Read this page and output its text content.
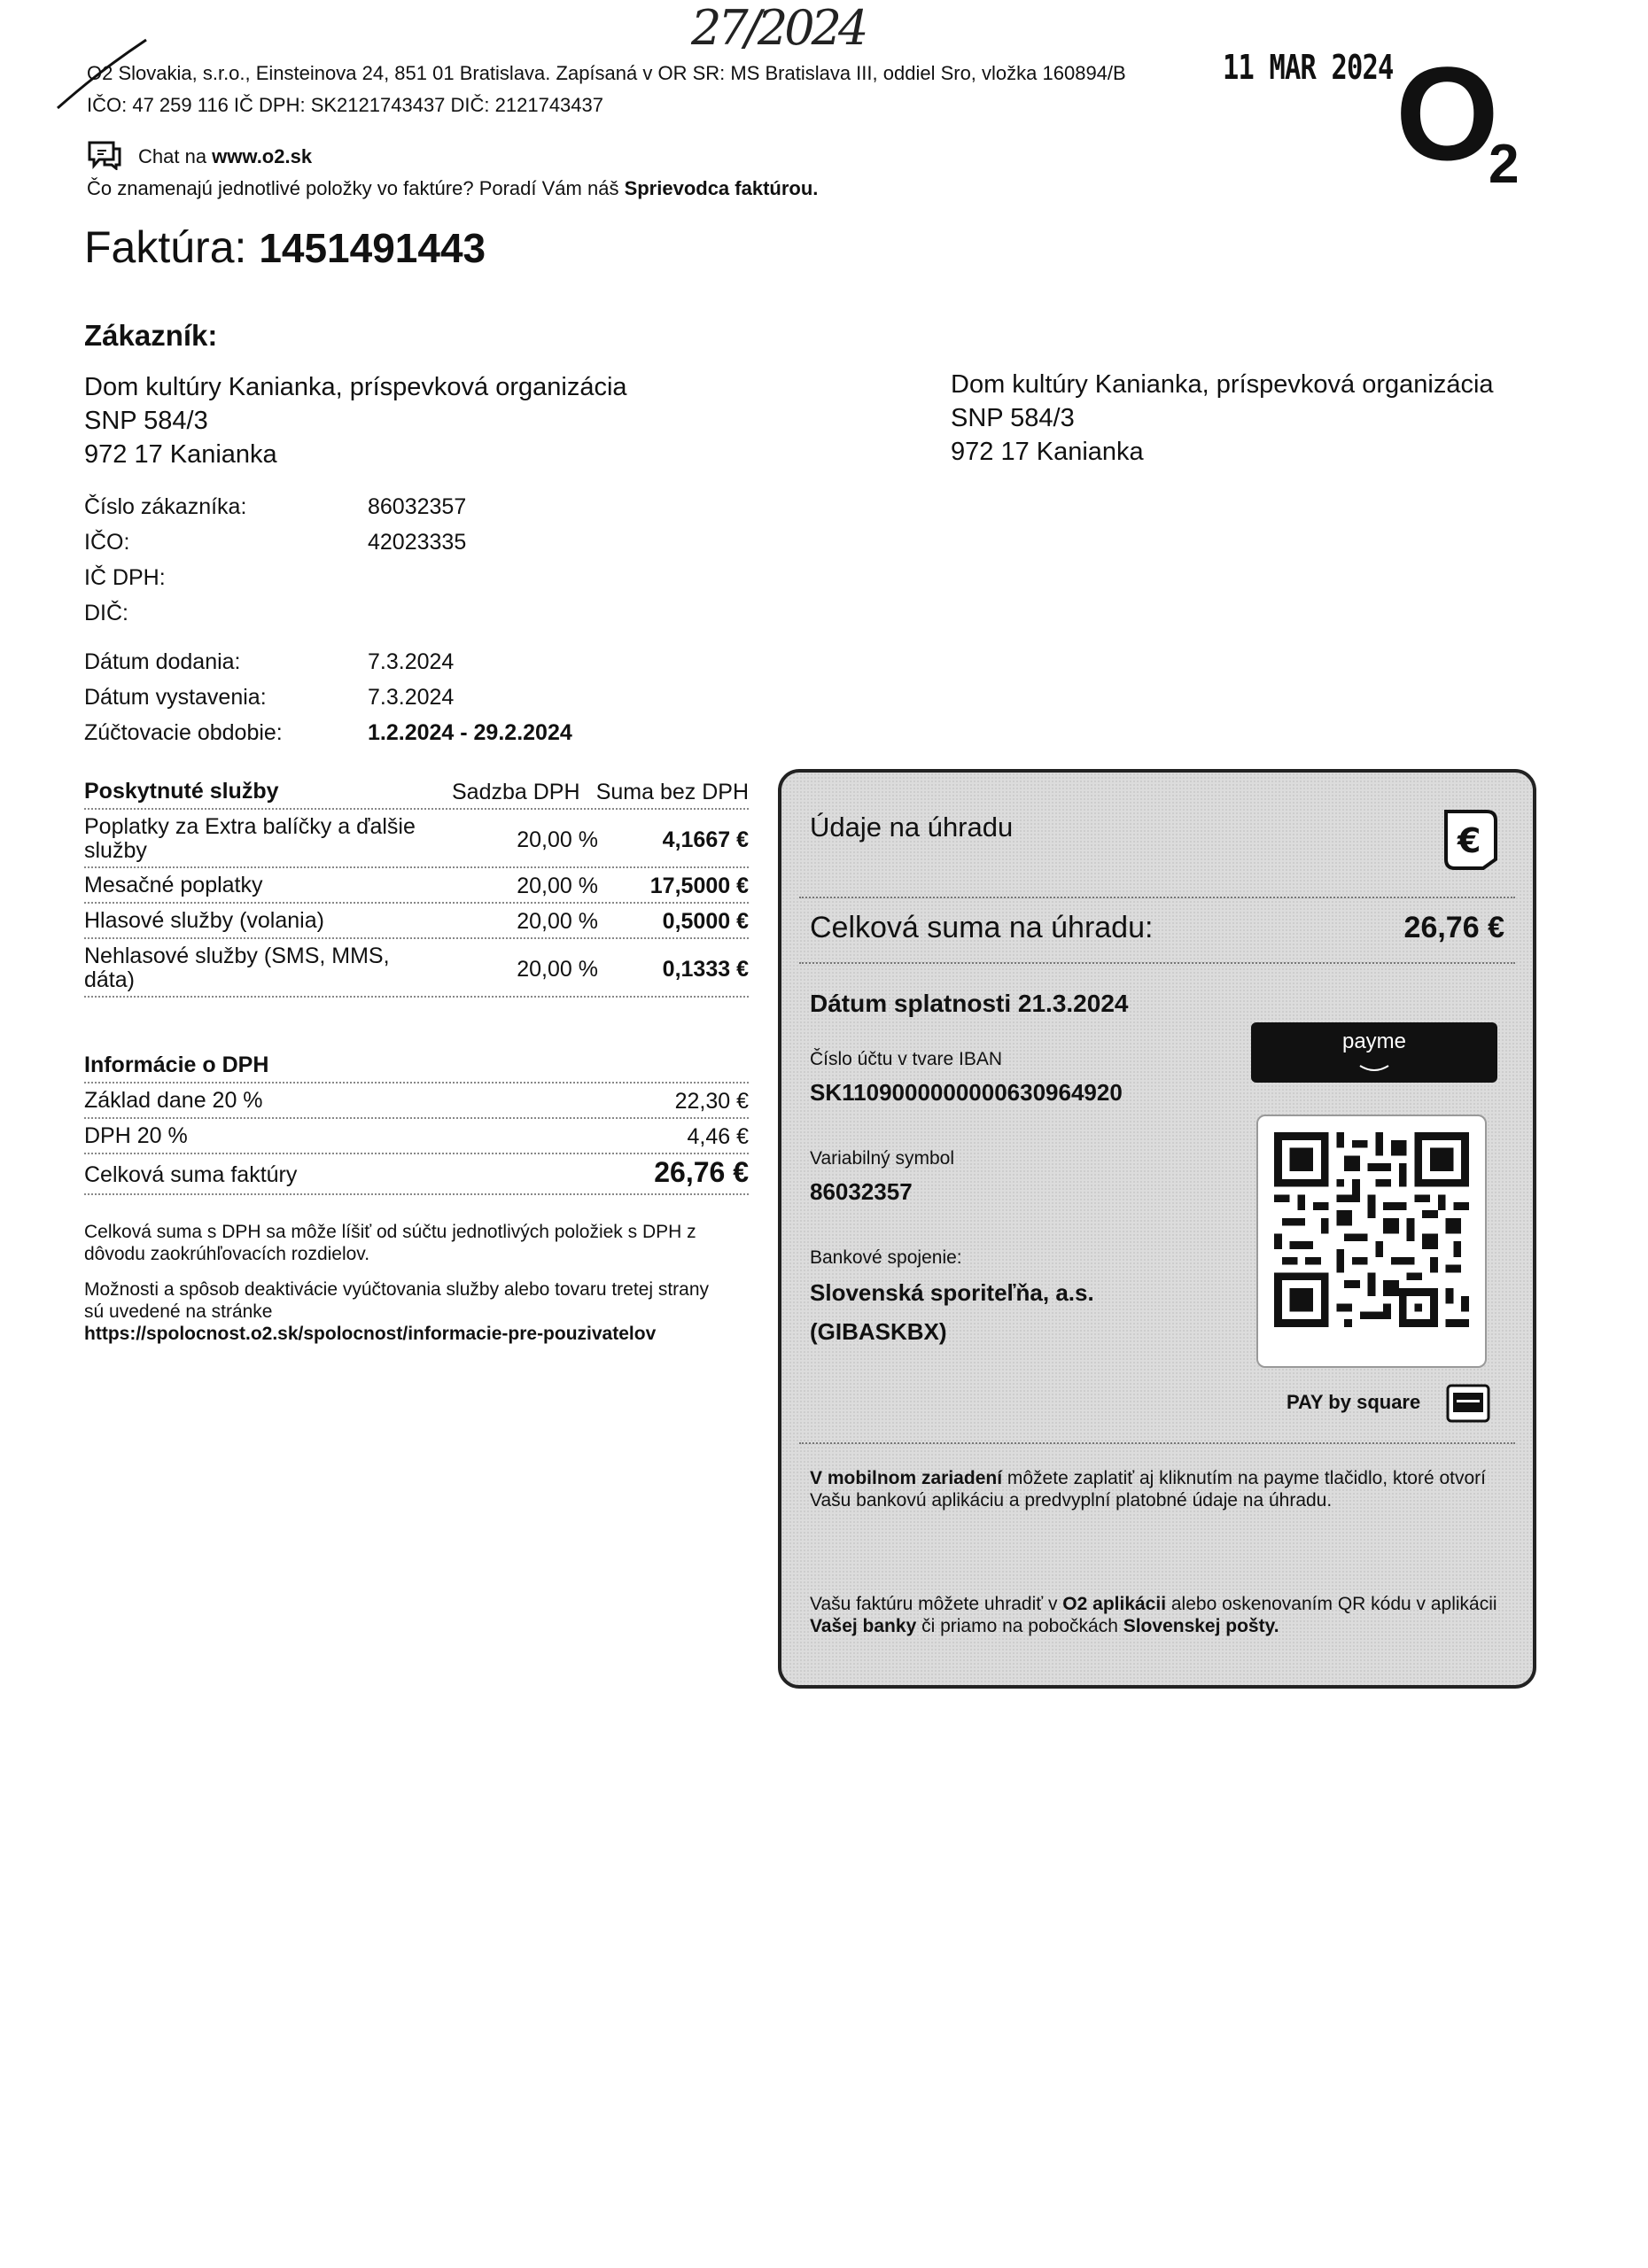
27/2024
11 MAR 2024
O2 Slovakia, s.r.o., Einsteinova 24, 851 01 Bratislava. Zapísaná v OR SR: MS Bratislava III, oddiel Sro, vložka 160894/B
IČO: 47 259 116 IČ DPH: SK2121743437 DIČ: 2121743437
Chat na www.o2.sk
Čo znamenajú jednotlivé položky vo faktúre? Poradí Vám náš Sprievodca faktúrou.
O
2
Faktúra: 1451491443
Zákazník:
Dom kultúry Kanianka, príspevková organizácia
SNP 584/3
972 17 Kanianka
Dom kultúry Kanianka, príspevková organizácia
SNP 584/3
972 17 Kanianka
Číslo zákazníka:	86032357
IČO:	42023335
IČ DPH:
DIČ:
Dátum dodania:	7.3.2024
Dátum vystavenia:	7.3.2024
Zúčtovacie obdobie:	1.2.2024 - 29.2.2024
Poskytnuté služby	Sadzba DPH Suma bez DPH
Poplatky za Extra balíčky a ďalšie služby	20,00 %	4,1667 €
Mesačné poplatky	20,00 % 17,5000 €
Hlasové služby (volania)	20,00 %	0,5000 €
Nehlasové služby (SMS, MMS, dáta)	20,00 %	0,1333 €
Informácie o DPH
Základ dane 20 %	22,30 €
DPH 20 %	4,46 €
Celková suma faktúry	26,76 €
Celková suma s DPH sa môže líšiť od súčtu jednotlivých položiek s DPH z dôvodu zaokrúhľovacích rozdielov.
Možnosti a spôsob deaktivácie vyúčtovania služby alebo tovaru tretej strany sú uvedené na stránke
https://spolocnost.o2.sk/spolocnost/informacie-pre-pouzivatelov
Údaje na úhradu	€
Celková suma na úhradu:	26,76 €
Dátum splatnosti 21.3.2024
payme
Číslo účtu v tvare IBAN
SK1109000000000630964920
Variabilný symbol
86032357
Bankové spojenie:
Slovenská sporiteľňa, a.s.
(GIBASKBX)
PAY by square
V mobilnom zariadení môžete zaplatiť aj kliknutím na payme tlačidlo, ktoré otvorí Vašu bankovú aplikáciu a predvyplní platobné údaje na úhradu.
Vašu faktúru môžete uhradiť v O2 aplikácii alebo oskenovaním QR kódu v aplikácii Vašej banky či priamo na pobočkách Slovenskej pošty.
